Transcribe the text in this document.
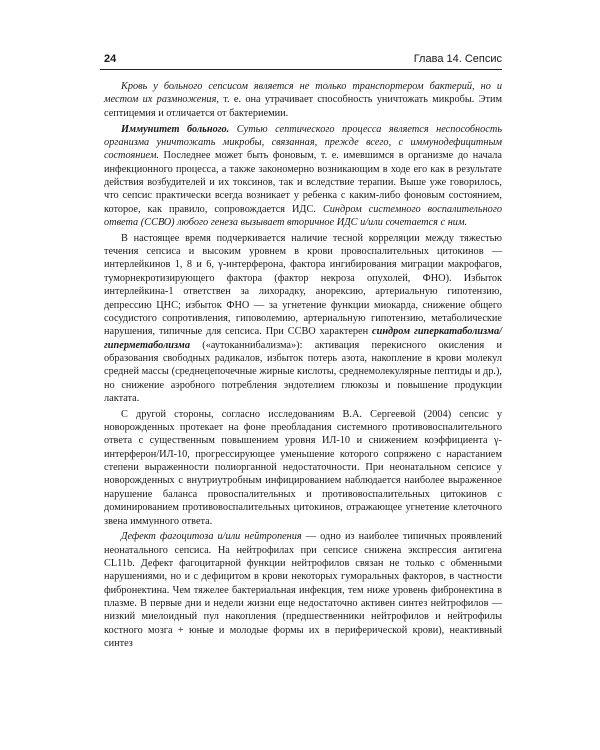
24	Глава 14. Сепсис

Кровь у больного сепсисом является не только транспортером бактерий, но и местом их размножения, т. е. она утрачивает способность уничтожать микробы. Этим септицемия и отличается от бактериемии.

Иммунитет больного. Сутью септического процесса является неспособность организма уничтожать микробы, связанная, прежде всего, с иммунодефицитным состоянием. Последнее может быть фоновым, т. е. имевшимся в организме до начала инфекционного процесса, а также закономерно возникающим в ходе его как в результате действия возбудителей и их токсинов, так и вследствие терапии. Выше уже говорилось, что сепсис практически всегда возникает у ребенка с каким-либо фоновым состоянием, которое, как правило, сопровождается ИДС. Синдром системного воспалительного ответа (ССВО) любого генеза вызывает вторичное ИДС и/или сочетается с ним.

В настоящее время подчеркивается наличие тесной корреляции между тяжестью течения сепсиса и высоким уровнем в крови провоспалительных цитокинов — интерлейкинов 1, 8 и 6, γ-интерферона, фактора ингибирования миграции макрофагов, туморнекротизирующего фактора (фактор некроза опухолей, ФНО). Избыток интерлейкина-1 ответствен за лихорадку, анорексию, артериальную гипотензию, депрессию ЦНС; избыток ФНО — за угнетение функции миокарда, снижение общего сосудистого сопротивления, гиповолемию, артериальную гипотензию, метаболические нарушения, типичные для сепсиса. При ССВО характерен синдром гиперкатаболизма/гиперметаболизма («аутоканнибализма»): активация перекисного окисления и образования свободных радикалов, избыток потерь азота, накопление в крови молекул средней массы (среднецепочечные жирные кислоты, среднемолекулярные пептиды и др.), но снижение аэробного потребления эндотелием глюкозы и повышение продукции лактата.

С другой стороны, согласно исследованиям В.А. Сергеевой (2004) сепсис у новорожденных протекает на фоне преобладания системного противовоспалительного ответа с существенным повышением уровня ИЛ-10 и снижением коэффициента γ-интерферон/ИЛ-10, прогрессирующее уменьшение которого сопряжено с нарастанием степени выраженности полиорганной недостаточности. При неонатальном сепсисе у новорожденных с внутриутробным инфицированием наблюдается наиболее выраженное нарушение баланса провоспалительных и противовоспалительных цитокинов с доминированием противовоспалительных цитокинов, отражающее угнетение клеточного звена иммунного ответа.

Дефект фагоцитоза и/или нейтропения — одно из наиболее типичных проявлений неонатального сепсиса. На нейтрофилах при сепсисе снижена экспрессия антигена CL11b. Дефект фагоцитарной функции нейтрофилов связан не только с обменными нарушениями, но и с дефицитом в крови некоторых гуморальных факторов, в частности фибронектина. Чем тяжелее бактериальная инфекция, тем ниже уровень фибронектина в плазме. В первые дни и недели жизни еще недостаточно активен синтез нейтрофилов — низкий миелоидный пул накопления (предшественники нейтрофилов и нейтрофилы костного мозга + юные и молодые формы их в периферической крови), неактивный синтез
